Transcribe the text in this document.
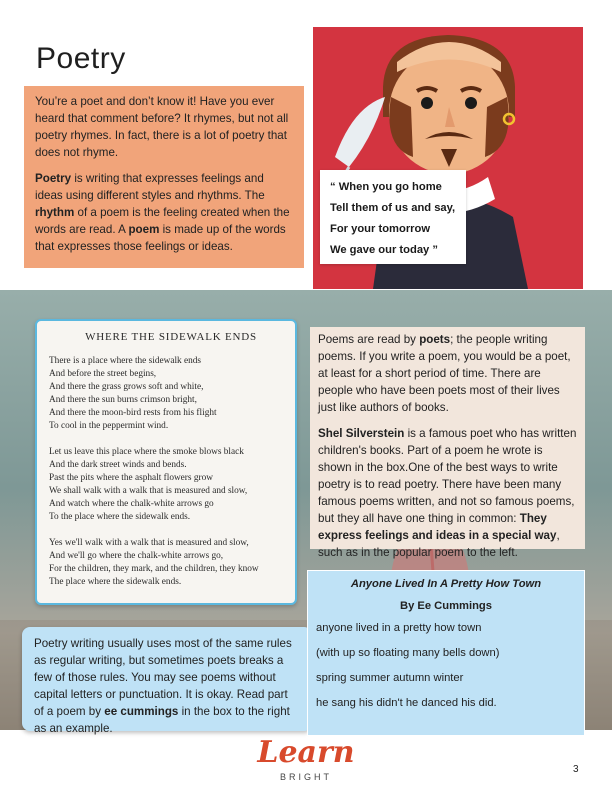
Poetry

You’re a poet and don’t know it! Have you ever heard that comment before? It rhymes, but not all poetry rhymes. In fact, there is a lot of poetry that does not rhyme.

Poetry is writing that expresses feelings and ideas using different styles and rhythms. The rhythm of a poem is the feeling created when the words are read. A poem is made up of the words that expresses those feelings or ideas.

“ When you go home
Tell them of us and say,
For your tomorrow
We gave our today ”
WHERE THE SIDEWALK ENDS
There is a place where the sidewalk ends
And before the street begins,
And there the grass grows soft and white,
And there the sun burns crimson bright,
And there the moon-bird rests from his flight
To cool in the peppermint wind.
Let us leave this place where the smoke blows black
And the dark street winds and bends.
Past the pits where the asphalt flowers grow
We shall walk with a walk that is measured and slow,
And watch where the chalk-white arrows go
To the place where the sidewalk ends.
Yes we'll walk with a walk that is measured and slow,
And we'll go where the chalk-white arrows go,
For the children, they mark, and the children, they know
The place where the sidewalk ends.

Poems are read by poets; the people writing poems. If you write a poem, you would be a poet, at least for a short period of time. There are people who have been poets most of their lives just like authors of books.

Shel Silverstein is a famous poet who has written children's books. Part of a poem he wrote is shown in the box.One of the best ways to write poetry is to read poetry. There have been many famous poems written, and not so famous poems, but they all have one thing in common: They express feelings and ideas in a special way, such as in the popular poem to the left.

Poetry writing usually uses most of the same rules as regular writing, but sometimes poets breaks a few of those rules. You may see poems without capital letters or punctuation. It is okay. Read part of a poem by ee cummings in the box to the right as an example.
Anyone Lived In A Pretty How Town
By Ee Cummings
anyone lived in a pretty how town
(with up so floating many bells down)
spring summer autumn winter
he sang his didn't he danced his did.
Learn
BRIGHT
3
